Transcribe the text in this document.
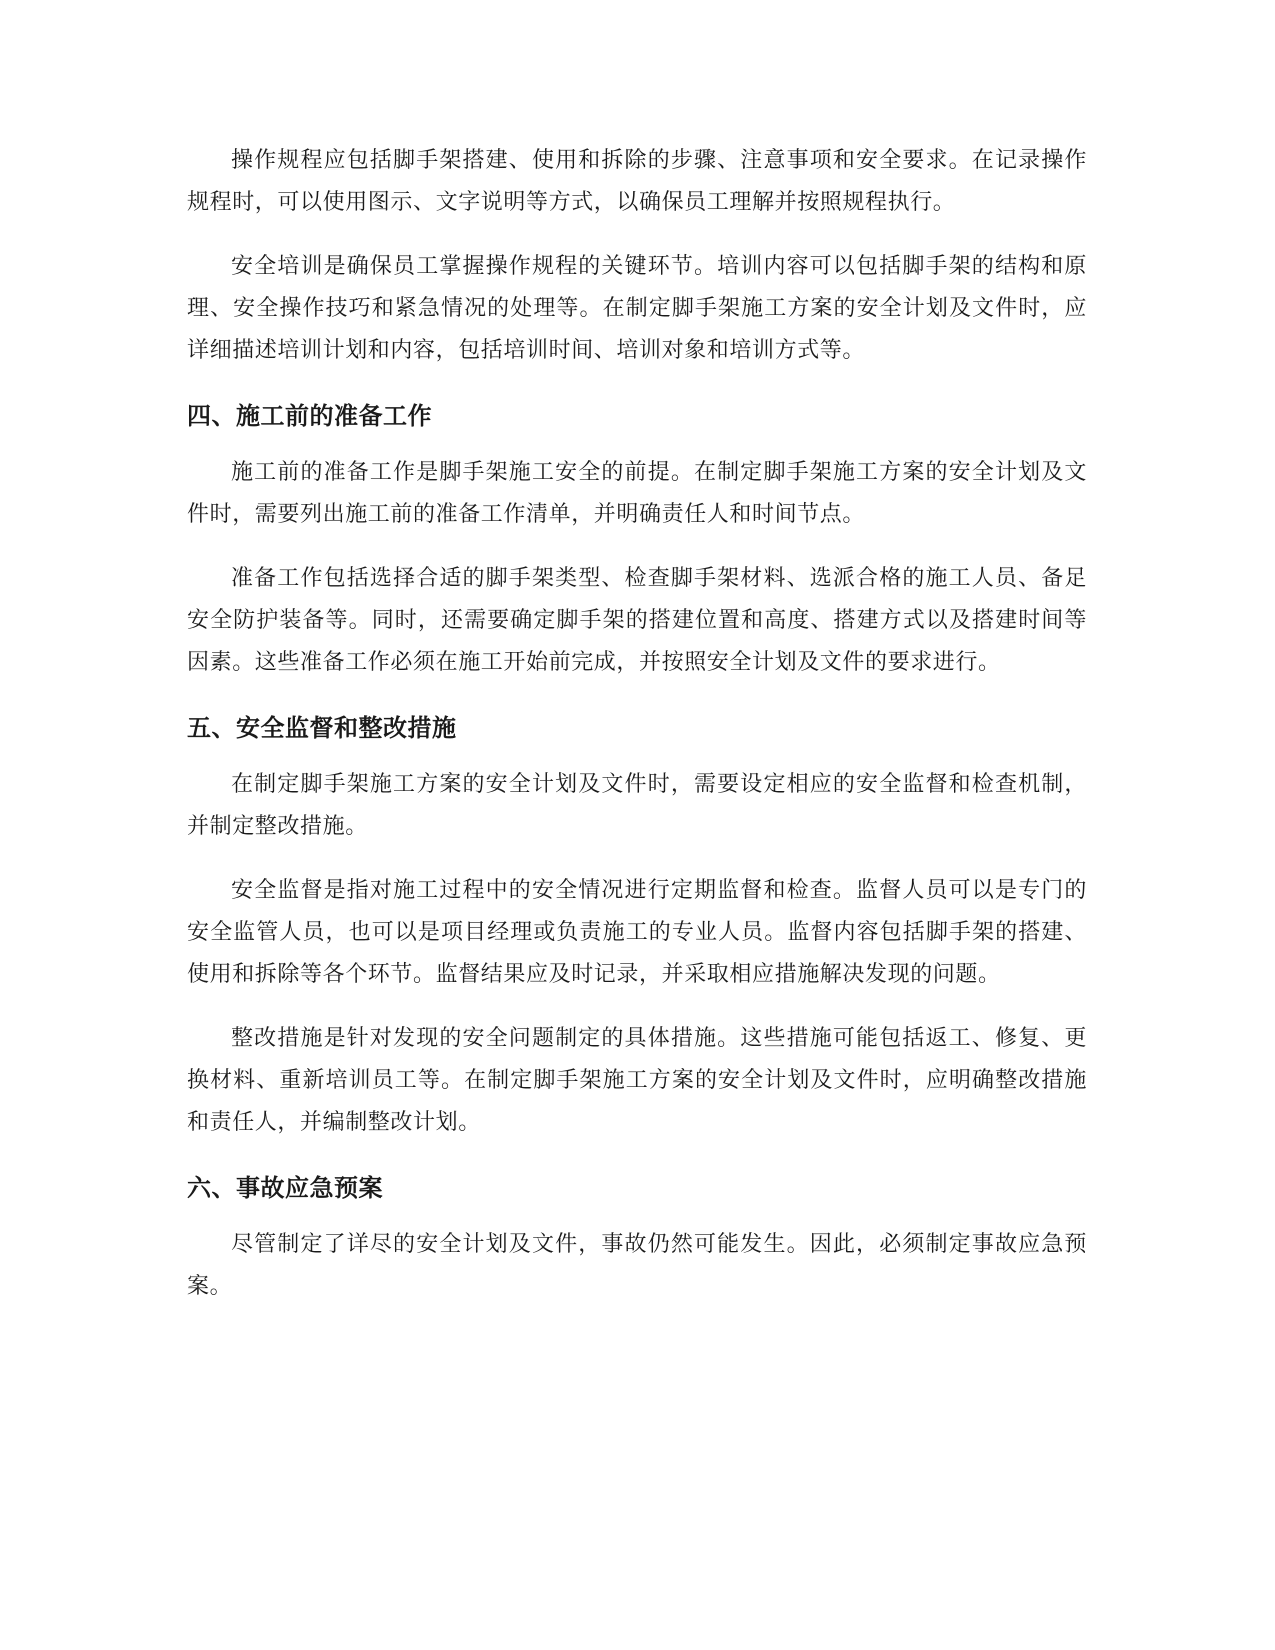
操作规程应包括脚手架搭建、使用和拆除的步骤、注意事项和安全要求。在记录操作规程时，可以使用图示、文字说明等方式，以确保员工理解并按照规程执行。

安全培训是确保员工掌握操作规程的关键环节。培训内容可以包括脚手架的结构和原理、安全操作技巧和紧急情况的处理等。在制定脚手架施工方案的安全计划及文件时，应详细描述培训计划和内容，包括培训时间、培训对象和培训方式等。

四、施工前的准备工作

施工前的准备工作是脚手架施工安全的前提。在制定脚手架施工方案的安全计划及文件时，需要列出施工前的准备工作清单，并明确责任人和时间节点。

准备工作包括选择合适的脚手架类型、检查脚手架材料、选派合格的施工人员、备足安全防护装备等。同时，还需要确定脚手架的搭建位置和高度、搭建方式以及搭建时间等因素。这些准备工作必须在施工开始前完成，并按照安全计划及文件的要求进行。

五、安全监督和整改措施

在制定脚手架施工方案的安全计划及文件时，需要设定相应的安全监督和检查机制，并制定整改措施。

安全监督是指对施工过程中的安全情况进行定期监督和检查。监督人员可以是专门的安全监管人员，也可以是项目经理或负责施工的专业人员。监督内容包括脚手架的搭建、使用和拆除等各个环节。监督结果应及时记录，并采取相应措施解决发现的问题。

整改措施是针对发现的安全问题制定的具体措施。这些措施可能包括返工、修复、更换材料、重新培训员工等。在制定脚手架施工方案的安全计划及文件时，应明确整改措施和责任人，并编制整改计划。

六、事故应急预案

尽管制定了详尽的安全计划及文件，事故仍然可能发生。因此，必须制定事故应急预案。
